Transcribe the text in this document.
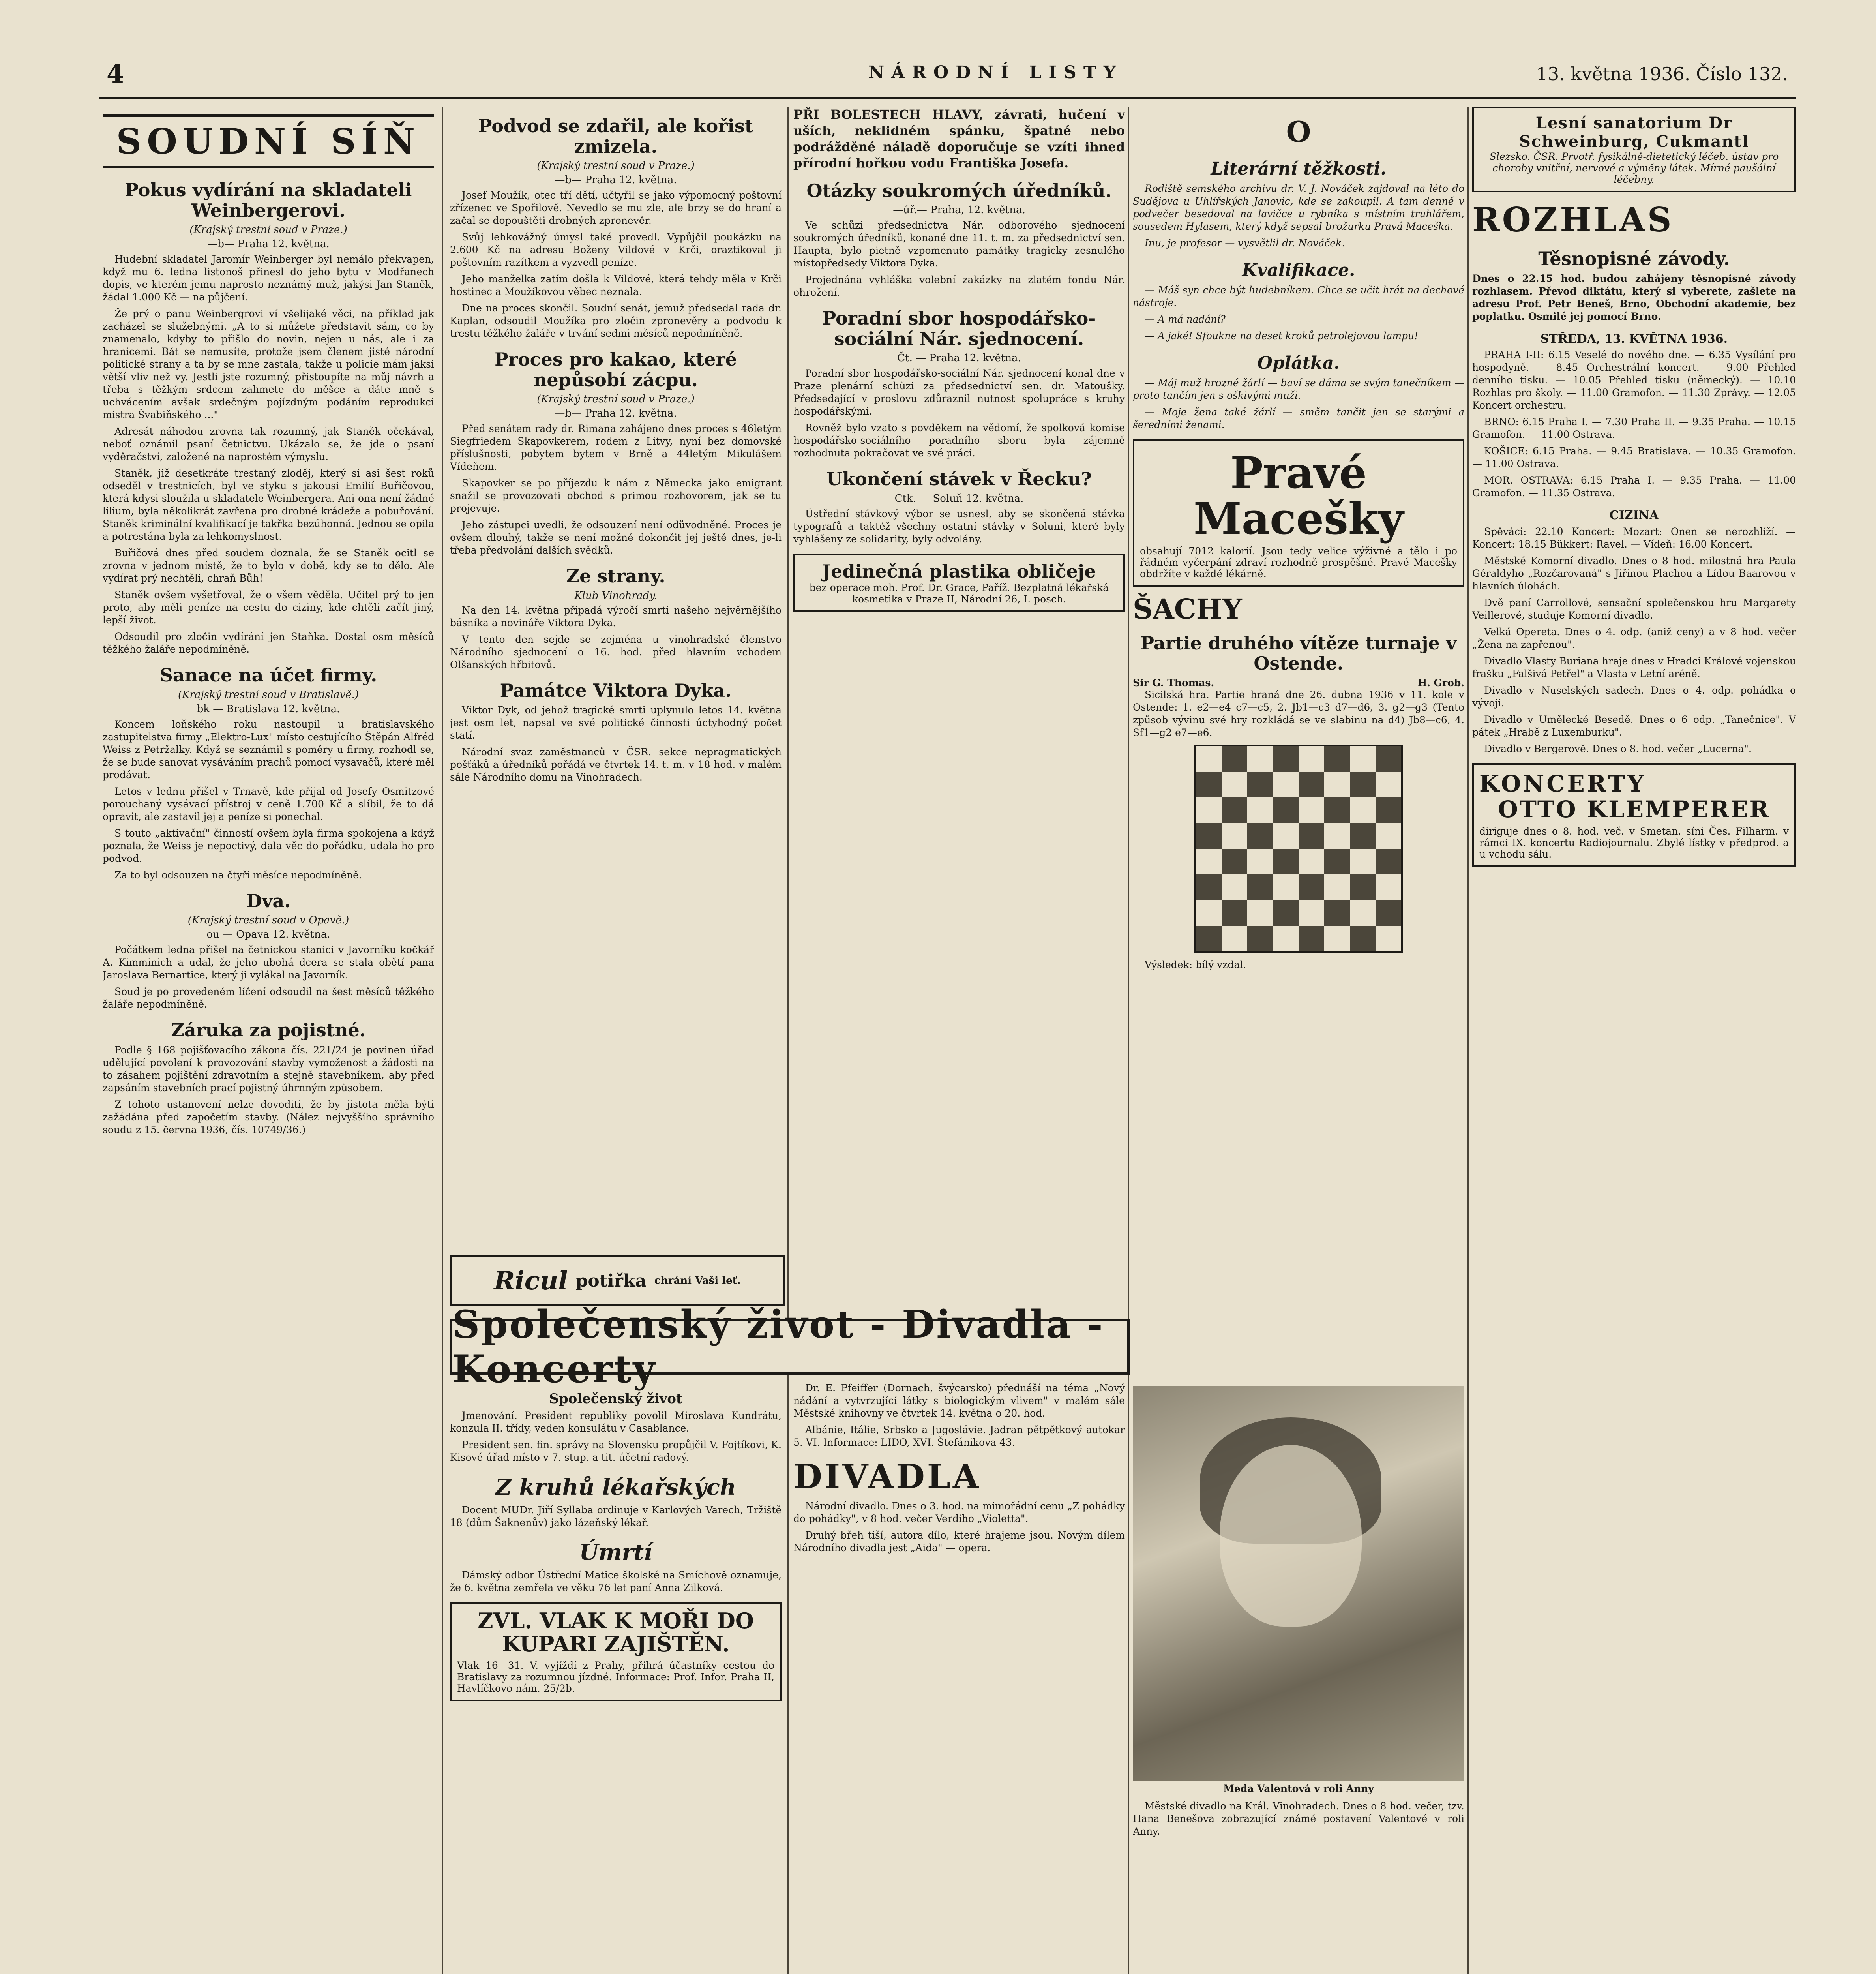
4	NÁRODNÍ LISTY	13. května 1936. Číslo 132.
SOUDNÍ SÍŇ
Pokus vydírání na skladateli Weinbergerovi.
(Krajský trestní soud v Praze.)
—b— Praha 12. května.

Hudební skladatel Jaromír Weinberger byl nemálo překvapen, když mu 6. ledna listonoš přinesl do jeho bytu v Modřanech dopis, ve kterém jemu naprosto neznámý muž, jakýsi Jan Staněk, žádal 1.000 Kč — na půjčení.

Že prý o panu Weinbergrovi ví všelijaké věci, na příklad jak zacházel se služebnými. „A to si můžete představit sám, co by znamenalo, kdyby to přišlo do novin, nejen u nás, ale i za hranicemi. Bát se nemusíte, protože jsem členem jisté národní politické strany a ta by se mne zastala, takže u policie mám jaksi větší vliv než vy. Jestli jste rozumný, přistoupíte na můj návrh a třeba s těžkým srdcem zahmete do měšce a dáte mně s uchvácením avšak srdečným pojízdným podáním reprodukci mistra Švabiňského ..."

Adresát náhodou zrovna tak rozumný, jak Staněk očekával, neboť oznámil psaní četnictvu. Ukázalo se, že jde o psaní vyděračství, založené na naprostém výmyslu.

Staněk, již desetkráte trestaný zloděj, který si asi šest roků odseděl v trestnicích, byl ve styku s jakousi Emilií Buřičovou, která kdysi sloužila u skladatele Weinbergera. Ani ona není žádné lilium, byla několikrát zavřena pro drobné krádeže a pobuřování. Staněk kriminální kvalifikací je takřka bezúhonná. Jednou se opila a potrestána byla za lehkomyslnost.

Buřičová dnes před soudem doznala, že se Staněk ocitl se zrovna v jednom místě, že to bylo v době, kdy se to dělo. Ale vydírat prý nechtěli, chraň Bůh!

Staněk ovšem vyšetřoval, že o všem věděla. Učitel prý to jen proto, aby měli peníze na cestu do ciziny, kde chtěli začít jiný, lepší život.

Odsoudil pro zločin vydírání jen Staňka. Dostal osm měsíců těžkého žaláře nepodmíněně.

Sanace na účet firmy.
(Krajský trestní soud v Bratislavě.)
bk — Bratislava 12. května.

Koncem loňského roku nastoupil u bratislavského zastupitelstva firmy „Elektro-Lux" místo cestujícího Štěpán Alfréd Weiss z Petržalky. Když se seznámil s poměry u firmy, rozhodl se, že se bude sanovat vysáváním prachů pomocí vysavačů, které měl prodávat.

Letos v lednu přišel v Trnavě, kde přijal od Josefy Osmitzové porouchaný vysávací přístroj v ceně 1.700 Kč a slíbil, že to dá opravit, ale zastavil jej a peníze si ponechal.

S touto „aktivační" činností ovšem byla firma spokojena a když poznala, že Weiss je nepoctivý, dala věc do pořádku, udala ho pro podvod.

Za to byl odsouzen na čtyři měsíce nepodmíněně.

Dva.
(Krajský trestní soud v Opavě.)
ou — Opava 12. května.

Počátkem ledna přišel na četnickou stanici v Javorníku kočkář A. Kimminich a udal, že jeho ubohá dcera se stala obětí pana Jaroslava Bernartice, který ji vylákal na Javorník.

Soud je po provedeném líčení odsoudil na šest měsíců těžkého žaláře nepodmíněně.

Záruka za pojistné.

Podle § 168 pojišťovacího zákona čís. 221/24 je povinen úřad udělující povolení k provozování stavby vymoženost a žádosti na to zásahem pojištění zdravotním a stejně stavebníkem, aby před zapsáním stavebních prací pojistný úhrnným způsobem.

Z tohoto ustanovení nelze dovoditi, že by jistota měla býti zažádána před započetím stavby. (Nález nejvyššího správního soudu z 15. června 1936, čís. 10749/36.)

Podvod se zdařil, ale kořist zmizela.
(Krajský trestní soud v Praze.)
—b— Praha 12. května.

Josef Moužík, otec tří dětí, učtyřil se jako výpomocný poštovní zřízenec ve Spořilově. Nevedlo se mu zle, ale brzy se do hraní a začal se dopouštěti drobných zpronevěr.

Svůj lehkovážný úmysl také provedl. Vypůjčil poukázku na 2.600 Kč na adresu Boženy Vildové v Krči, oraztikoval ji poštovním razítkem a vyzvedl peníze.

Jeho manželka zatím došla k Vildové, která tehdy měla v Krči hostinec a Moužíkovou věbec neznala.

Dne na proces skončil. Soudní senát, jemuž předsedal rada dr. Kaplan, odsoudil Moužíka pro zločin zpronevěry a podvodu k trestu těžkého žaláře v trvání sedmi měsíců nepodmíněně.

Proces pro kakao, které nepůsobí zácpu.
(Krajský trestní soud v Praze.)
—b— Praha 12. května.

Před senátem rady dr. Rimana zahájeno dnes proces s 46letým Siegfriedem Skapovkerem, rodem z Litvy, nyní bez domovské příslušnosti, pobytem bytem v Brně a 44letým Mikulášem Vídeňem.

Skapovker se po příjezdu k nám z Německa jako emigrant snažil se provozovati obchod s primou rozhovorem, jak se tu projevuje.

Jeho zástupci uvedli, že odsouzení není odůvodněné. Proces je ovšem dlouhý, takže se není možné dokončit jej ještě dnes, je-li třeba předvolání dalších svědků.

Ze strany.
Klub Vinohrady.

Na den 14. května připadá výročí smrti našeho nejvěrnějšího básníka a novináře Viktora Dyka.

V tento den sejde se zejména u vinohradské členstvo Národního sjednocení o 16. hod. před hlavním vchodem Olšanských hřbitovů.

Památce Viktora Dyka.

Viktor Dyk, od jehož tragické smrti uplynulo letos 14. května jest osm let, napsal ve své politické činnosti úctyhodný počet statí.

Národní svaz zaměstnanců v ČSR. sekce nepragmatických pošťáků a úředníků pořádá ve čtvrtek 14. t. m. v 18 hod. v malém sále Národního domu na Vinohradech.

Ricul potiřka chrání Vaši leť.

PŘI BOLESTECH HLAVY, závrati, hučení v uších, neklidném spánku, špatné nebo podrážděné náladě doporučuje se vzíti ihned přírodní hořkou vodu Františka Josefa.

Otázky soukromých úředníků.
—úř.— Praha, 12. května.

Ve schůzi předsednictva Nár. odborového sjednocení soukromých úředníků, konané dne 11. t. m. za předsednictví sen. Haupta, bylo pietně vzpomenuto památky tragicky zesnulého místopředsedy Viktora Dyka.

Projednána vyhláška volební zakázky na zlatém fondu Nár. ohrožení.

Poradní sbor hospodářsko-sociální Nár. sjednocení.
Čt. — Praha 12. května.

Poradní sbor hospodářsko-sociální Nár. sjednocení konal dne v Praze plenární schůzi za předsednictví sen. dr. Matoušky. Předsedající v proslovu zdůraznil nutnost spolupráce s kruhy hospodářskými.

Rovněž bylo vzato s povděkem na vědomí, že spolková komise hospodářsko-sociálního poradního sboru byla zájemně rozhodnuta pokračovat ve své práci.

Ukončení stávek v Řecku?
Ctk. — Soluň 12. května.

Ústřední stávkový výbor se usnesl, aby se skončená stávka typografů a taktéž všechny ostatní stávky v Soluni, které byly vyhlášeny ze solidarity, byly odvolány.

Jedinečná plastika obličeje
bez operace moh. Prof. Dr. Grace, Paříž. Bezplatná lékařská kosmetika v Praze II, Národní 26, I. posch.
Společenský život - Divadla - Koncerty
Společenský život

Jmenování. President republiky povolil Miroslava Kundrátu, konzula II. třídy, veden konsulátu v Casablance.

President sen. fin. správy na Slovensku propůjčil V. Fojtíkovi, K. Kisové úřad místo v 7. stup. a tit. účetní radový.

Z kruhů lékařských

Docent MUDr. Jiří Syllaba ordinuje v Karlových Varech, Tržiště 18 (dům Šaknenův) jako lázeňský lékař.

Úmrtí

Dámský odbor Ústřední Matice školské na Smíchově oznamuje, že 6. května zemřela ve věku 76 let paní Anna Zilková.

ZVL. VLAK K MOŘI DO KUPARI ZAJIŠTĚN.
Vlak 16—31. V. vyjíždí z Prahy, přihrá účastníky cestou do Bratislavy za rozumnou jízdné. Informace: Prof. Infor. Praha II, Havlíčkovo nám. 25/2b.

Dr. E. Pfeiffer (Dornach, švýcarsko) přednáší na téma „Nový nádání a vytvrzující látky s biologickým vlivem" v malém sále Městské knihovny ve čtvrtek 14. května o 20. hod.

Albánie, Itálie, Srbsko a Jugoslávie. Jadran pětpětkový autokar 5. VI. Informace: LIDO, XVI. Štefánikova 43.

DIVADLA

Národní divadlo. Dnes o 3. hod. na mimořádní cenu „Z pohádky do pohádky", v 8 hod. večer Verdiho „Violetta".

Druhý břeh tiší, autora dílo, které hrajeme jsou. Novým dílem Národního divadla jest „Aida" — opera.

O
Literární těžkosti.

Rodiště semského archivu dr. V. J. Nováček zajdoval na léto do Sudějova u Uhlířských Janovic, kde se zakoupil. A tam denně v podvečer besedoval na lavičce u rybníka s místním truhlářem, sousedem Hylasem, který když sepsal brožurku Pravá Maceška.

Inu, je profesor — vysvětlil dr. Nováček.

Kvalifikace.

— Máš syn chce být hudebníkem. Chce se učit hrát na dechové nástroje.

— A má nadání?

— A jaké! Sfoukne na deset kroků petrolejovou lampu!

Oplátka.

— Máj muž hrozné žárlí — baví se dáma se svým tanečníkem — proto tančím jen s oškivými muži.

— Moje žena také žárlí — směm tančit jen se starými a šeredními ženami.

Pravé Macešky
obsahují 7012 kalorií. Jsou tedy velice výživné a tělo i po řádném vyčerpání zdraví rozhodně prospěšné. Pravé Macešky obdržíte v každé lékárně.
ŠACHY
Partie druhého vítěze turnaje v Ostende.
Sir G. Thomas.	H. Grob.

Sicilská hra. Partie hraná dne 26. dubna 1936 v 11. kole v Ostende: 1. e2—e4 c7—c5, 2. Jb1—c3 d7—d6, 3. g2—g3 (Tento způsob vývinu své hry rozkládá se ve slabinu na d4) Jb8—c6, 4. Sf1—g2 e7—e6.

Výsledek: bílý vzdal.

Meda Valentová v roli Anny

Městské divadlo na Král. Vinohradech. Dnes o 8 hod. večer, tzv. Hana Benešova zobrazující známé postavení Valentové v roli Anny.

Lesní sanatorium Dr Schweinburg, Cukmantl
Slezsko. ČSR. Prvotř. fysikálně-dietetický léčeb. ústav pro choroby vnitřní, nervové a výměny látek. Mírné paušální léčebny.
ROZHLAS
Těsnopisné závody.

Dnes o 22.15 hod. budou zahájeny těsnopisné závody rozhlasem. Převod diktátu, který si vyberete, zašlete na adresu Prof. Petr Beneš, Brno, Obchodní akademie, bez poplatku. Osmilé jej pomocí Brno.

STŘEDA, 13. KVĚTNA 1936.

PRAHA I-II: 6.15 Veselé do nového dne. — 6.35 Vysílání pro hospodyně. — 8.45 Orchestrální koncert. — 9.00 Přehled denního tisku. — 10.05 Přehled tisku (německý). — 10.10 Rozhlas pro školy. — 11.00 Gramofon. — 11.30 Zprávy. — 12.05 Koncert orchestru.

BRNO: 6.15 Praha I. — 7.30 Praha II. — 9.35 Praha. — 10.15 Gramofon. — 11.00 Ostrava.

KOŠICE: 6.15 Praha. — 9.45 Bratislava. — 10.35 Gramofon. — 11.00 Ostrava.

MOR. OSTRAVA: 6.15 Praha I. — 9.35 Praha. — 11.00 Gramofon. — 11.35 Ostrava.

CIZINA

Spěváci: 22.10 Koncert: Mozart: Onen se nerozhlíží. — Koncert: 18.15 Bükkert: Ravel. — Vídeň: 16.00 Koncert.

Městské Komorní divadlo. Dnes o 8 hod. milostná hra Paula Géraldyho „Rozčarovaná" s Jiřinou Plachou a Lídou Baarovou v hlavních úlohách.

Dvě paní Carrollové, sensační společenskou hru Margarety Veillerové, studuje Komorní divadlo.

Velká Opereta. Dnes o 4. odp. (aniž ceny) a v 8 hod. večer „Žena na zapřenou".

Divadlo Vlasty Buriana hraje dnes v Hradci Králové vojenskou frašku „Falšivá Petřel" a Vlasta v Letní aréně.

Divadlo v Nuselských sadech. Dnes o 4. odp. pohádka o vývoji.

Divadlo v Umělecké Besedě. Dnes o 6 odp. „Tanečnice". V pátek „Hrabě z Luxemburku".

Divadlo v Bergerově. Dnes o 8. hod. večer „Lucerna".

KONCERTY
OTTO KLEMPERER
diriguje dnes o 8. hod. več. v Smetan. síni Čes. Filharm. v rámci IX. koncertu Radiojournalu. Zbylé lístky v předprod. a u vchodu sálu.
